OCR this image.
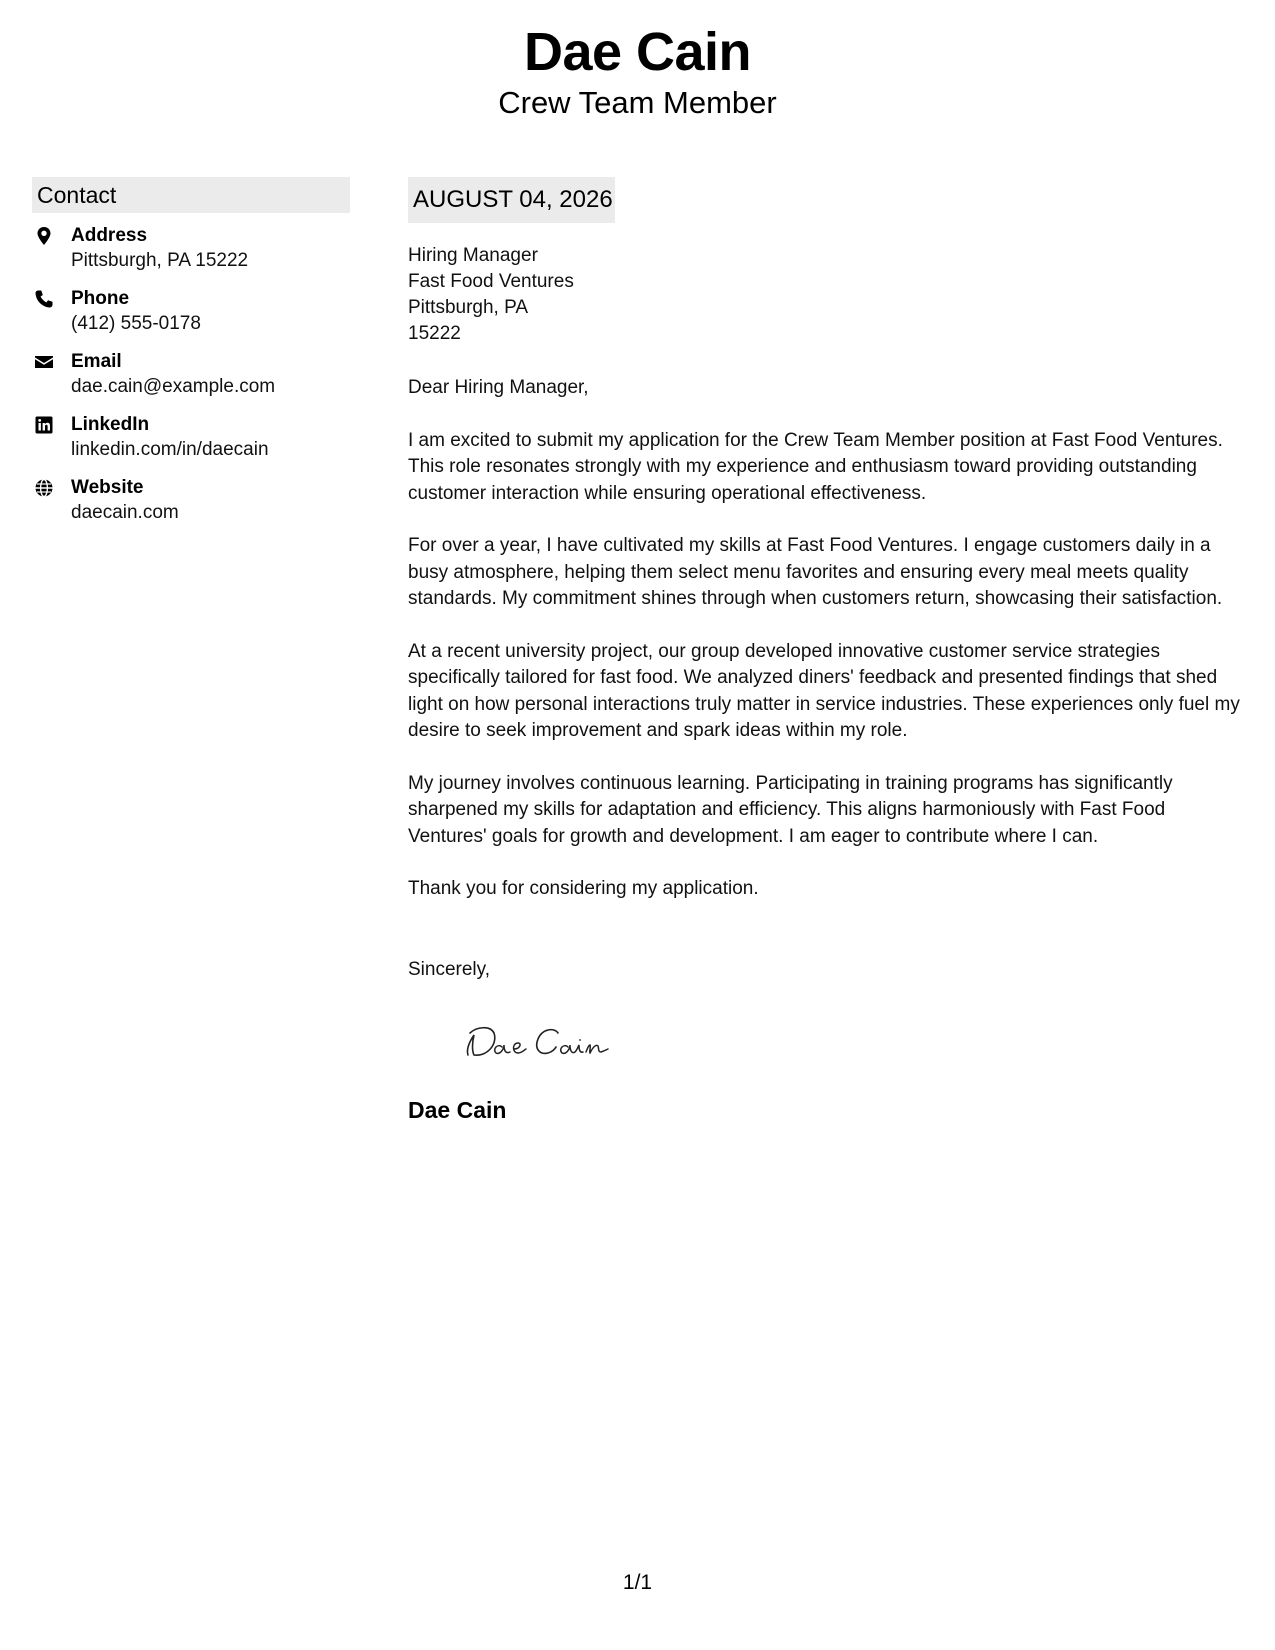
Dae Cain
Crew Team Member
Contact
Address
Pittsburgh, PA 15222
Phone
(412) 555-0178
Email
dae.cain@example.com
LinkedIn
linkedin.com/in/daecain
Website
daecain.com
AUGUST 04, 2026
Hiring Manager
Fast Food Ventures
Pittsburgh, PA
15222
Dear Hiring Manager,
I am excited to submit my application for the Crew Team Member position at Fast Food Ventures. This role resonates strongly with my experience and enthusiasm toward providing outstanding customer interaction while ensuring operational effectiveness.
For over a year, I have cultivated my skills at Fast Food Ventures. I engage customers daily in a busy atmosphere, helping them select menu favorites and ensuring every meal meets quality standards. My commitment shines through when customers return, showcasing their satisfaction.
At a recent university project, our group developed innovative customer service strategies specifically tailored for fast food. We analyzed diners' feedback and presented findings that shed light on how personal interactions truly matter in service industries. These experiences only fuel my desire to seek improvement and spark ideas within my role.
My journey involves continuous learning. Participating in training programs has significantly sharpened my skills for adaptation and efficiency. This aligns harmoniously with Fast Food Ventures' goals for growth and development. I am eager to contribute where I can.
Thank you for considering my application.
Sincerely,
Dae Cain
1/1
